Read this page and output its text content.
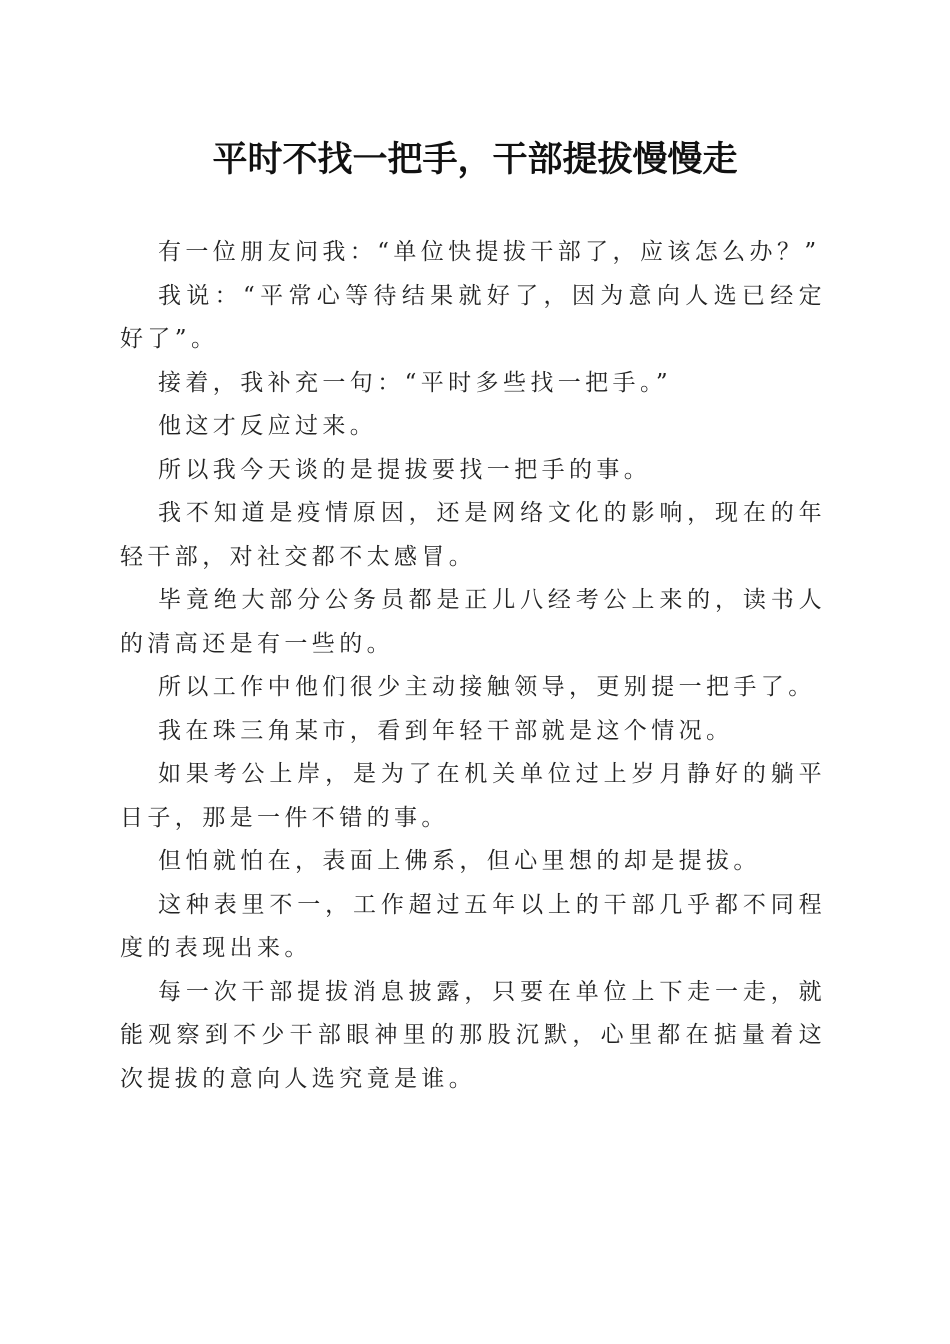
平时不找一把手，干部提拔慢慢走

有一位朋友问我：“单位快提拔干部了，应该怎么办？”

我说：“平常心等待结果就好了，因为意向人选已经定好了”。

接着，我补充一句：“平时多些找一把手。”

他这才反应过来。

所以我今天谈的是提拔要找一把手的事。

我不知道是疫情原因，还是网络文化的影响，现在的年轻干部，对社交都不太感冒。

毕竟绝大部分公务员都是正儿八经考公上来的，读书人的清高还是有一些的。

所以工作中他们很少主动接触领导，更别提一把手了。

我在珠三角某市，看到年轻干部就是这个情况。

如果考公上岸，是为了在机关单位过上岁月静好的躺平日子，那是一件不错的事。

但怕就怕在，表面上佛系，但心里想的却是提拔。

这种表里不一，工作超过五年以上的干部几乎都不同程度的表现出来。

每一次干部提拔消息披露，只要在单位上下走一走，就能观察到不少干部眼神里的那股沉默，心里都在掂量着这次提拔的意向人选究竟是谁。
